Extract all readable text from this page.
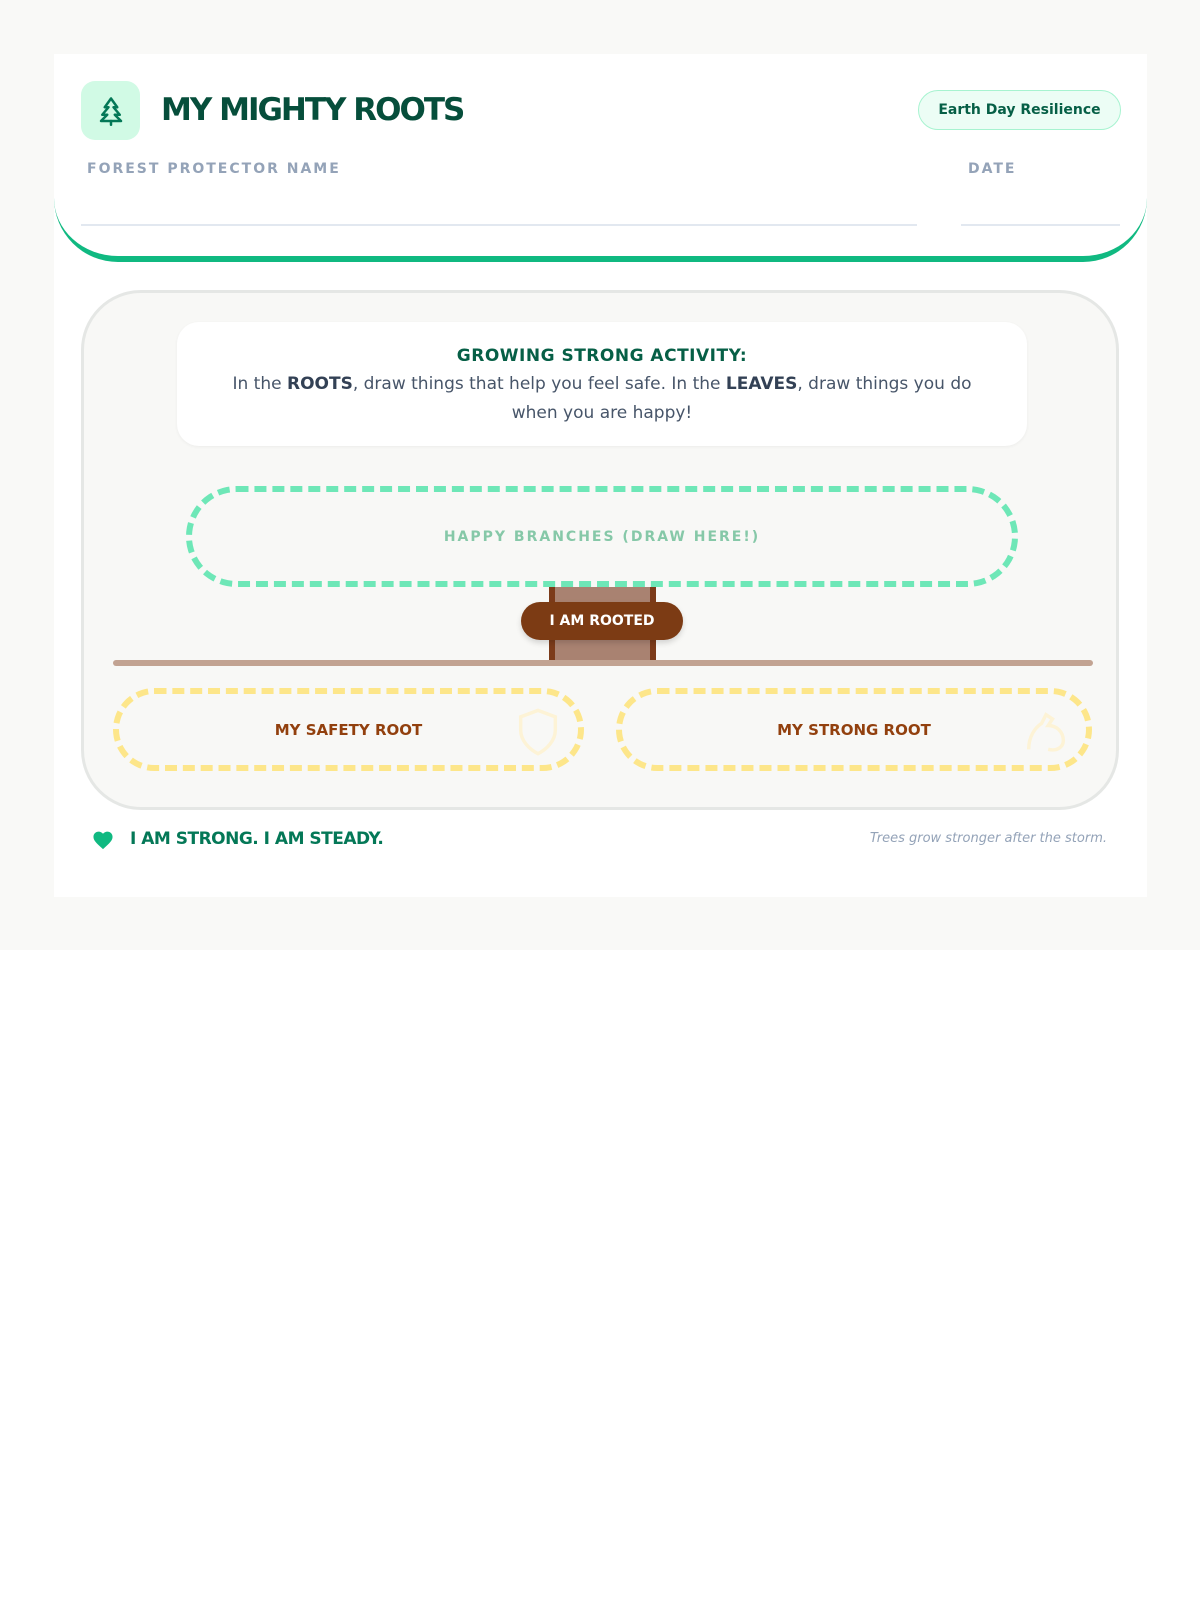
MY MIGHTY ROOTS	Earth Day Resilience
FOREST PROTECTOR NAME	DATE
GROWING STRONG ACTIVITY:
In the ROOTS, draw things that help you feel safe. In the LEAVES, draw things you do when you are happy!
HAPPY BRANCHES (DRAW HERE!)
I AM ROOTED
MY SAFETY ROOT	MY STRONG ROOT
I AM STRONG. I AM STEADY.	Trees grow stronger after the storm.
